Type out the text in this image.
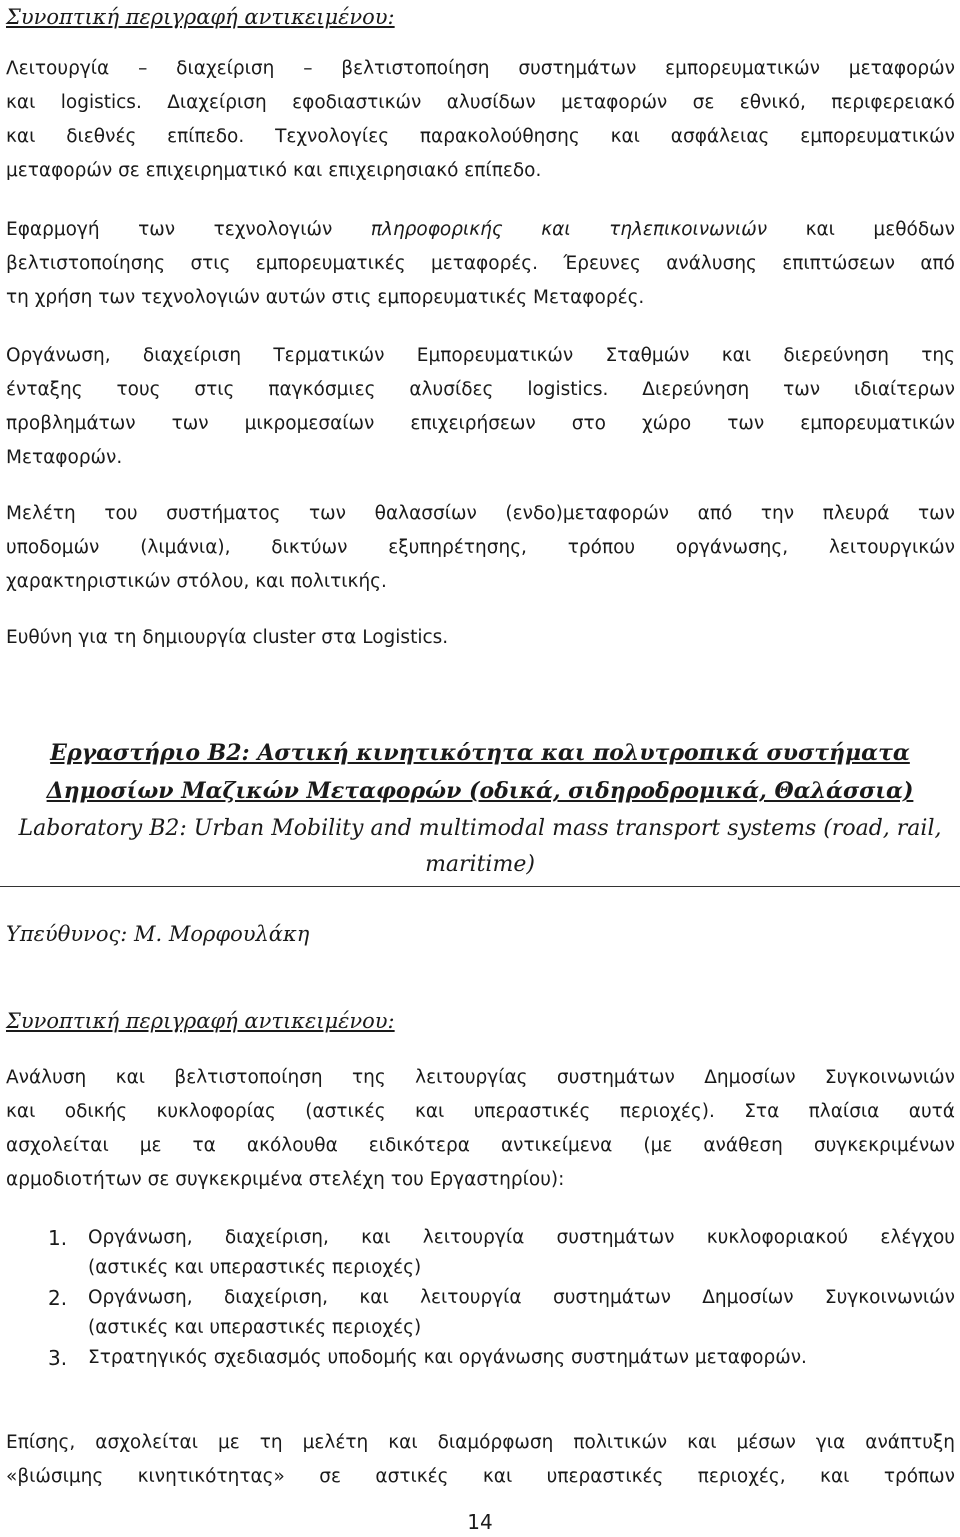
Συνοπτική περιγραφή αντικειμένου:
Λειτουργία – διαχείριση – βελτιστοποίηση συστημάτων εμπορευματικών μεταφορών
και logistics. Διαχείριση εφοδιαστικών αλυσίδων μεταφορών σε εθνικό, περιφερειακό
και διεθνές επίπεδο. Τεχνολογίες παρακολούθησης και ασφάλειας εμπορευματικών
μεταφορών σε επιχειρηματικό και επιχειρησιακό επίπεδο.
Εφαρμογή των τεχνολογιών πληροφορικής και τηλεπικοινωνιών και μεθόδων
βελτιστοποίησης στις εμπορευματικές μεταφορές. Έρευνες ανάλυσης επιπτώσεων από
τη χρήση των τεχνολογιών αυτών στις εμπορευματικές Μεταφορές.
Οργάνωση, διαχείριση Τερματικών Εμπορευματικών Σταθμών και διερεύνηση της
ένταξης τους στις παγκόσμιες αλυσίδες logistics. Διερεύνηση των ιδιαίτερων
προβλημάτων των μικρομεσαίων επιχειρήσεων στο χώρο των εμπορευματικών
Μεταφορών.
Μελέτη του συστήματος των θαλασσίων (ενδο)μεταφορών από την πλευρά των
υποδομών (λιμάνια), δικτύων εξυπηρέτησης, τρόπου οργάνωσης, λειτουργικών
χαρακτηριστικών στόλου, και πολιτικής.
Ευθύνη για τη δημιουργία cluster στα Logistics.
Εργαστήριο Β2: Αστική κινητικότητα και πολυτροπικά συστήματα
Δημοσίων Μαζικών Μεταφορών (οδικά, σιδηροδρομικά, Θαλάσσια)
Laboratory B2: Urban Mobility and multimodal mass transport systems (road, rail,
maritime)
Υπεύθυνος: Μ. Μορφουλάκη
Συνοπτική περιγραφή αντικειμένου:
Ανάλυση και βελτιστοποίηση της λειτουργίας συστημάτων Δημοσίων Συγκοινωνιών
και οδικής κυκλοφορίας (αστικές και υπεραστικές περιοχές). Στα πλαίσια αυτά
ασχολείται με τα ακόλουθα ειδικότερα αντικείμενα (με ανάθεση συγκεκριμένων
αρμοδιοτήτων σε συγκεκριμένα στελέχη του Εργαστηρίου):
1. Οργάνωση, διαχείριση, και λειτουργία συστημάτων κυκλοφοριακού ελέγχου
(αστικές και υπεραστικές περιοχές)
2. Οργάνωση, διαχείριση, και λειτουργία συστημάτων Δημοσίων Συγκοινωνιών
(αστικές και υπεραστικές περιοχές)
3. Στρατηγικός σχεδιασμός υποδομής και οργάνωσης συστημάτων μεταφορών.
Επίσης, ασχολείται με τη μελέτη και διαμόρφωση πολιτικών και μέσων για ανάπτυξη
«βιώσιμης κινητικότητας» σε αστικές και υπεραστικές περιοχές, και τρόπων
14
